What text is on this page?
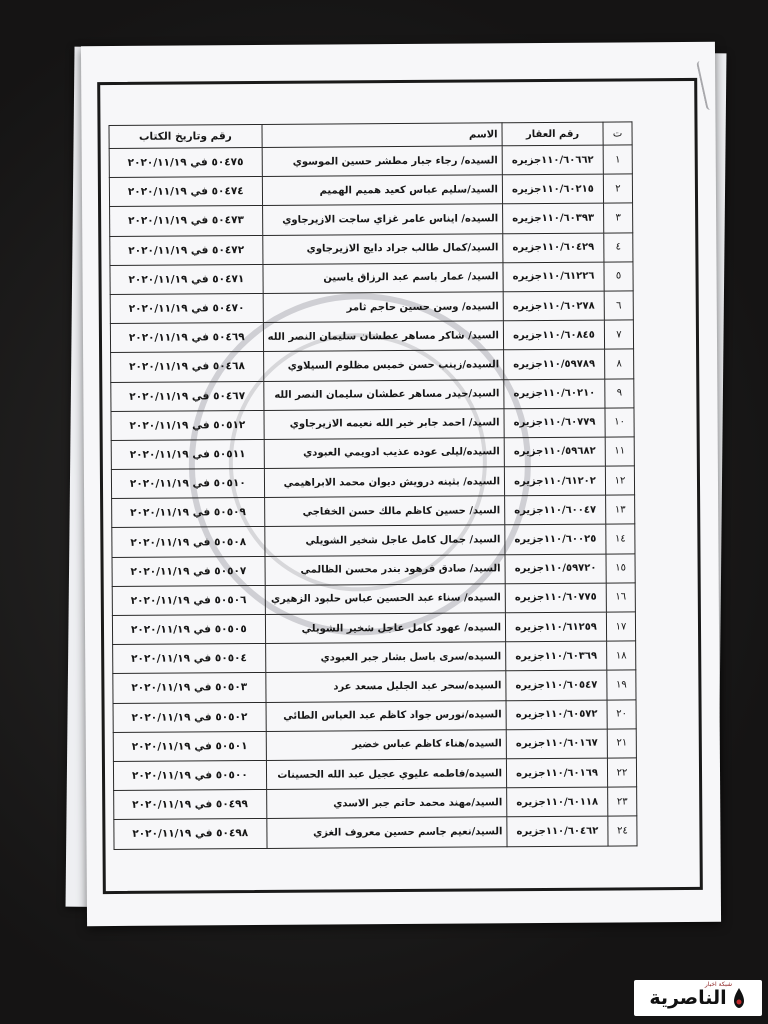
ت	رقم العقار	الاسم	رقم وتاريخ الكتاب
١	١١٠/٦٠٦٦٢جزيره	السيده/ رجاء جبار مطشر حسين الموسوي	٥٠٤٧٥ في ٢٠٢٠/١١/١٩
٢	١١٠/٦٠٢١٥جزيره	السيد/سليم عباس كعيد هميم الهميم	٥٠٤٧٤ في ٢٠٢٠/١١/١٩
٣	١١٠/٦٠٣٩٣جزيره	السيده/ ايناس عامر غزاي ساجت الازيرجاوي	٥٠٤٧٣ في ٢٠٢٠/١١/١٩
٤	١١٠/٦٠٤٢٩جزيره	السيد/كمال طالب جراد دايج الازيرجاوي	٥٠٤٧٢ في ٢٠٢٠/١١/١٩
٥	١١٠/٦١٢٢٦جزيره	السيد/ عمار باسم عبد الرزاق ياسين	٥٠٤٧١ في ٢٠٢٠/١١/١٩
٦	١١٠/٦٠٢٧٨جزيره	السيده/ وسن حسين حاجم ثامر	٥٠٤٧٠ في ٢٠٢٠/١١/١٩
٧	١١٠/٦٠٨٤٥جزيره	السيد/ شاكر مساهر عطشان سليمان النصر الله	٥٠٤٦٩ في ٢٠٢٠/١١/١٩
٨	١١٠/٥٩٧٨٩جزيره	السيده/زينب حسن خميس مظلوم السيلاوي	٥٠٤٦٨ في ٢٠٢٠/١١/١٩
٩	١١٠/٦٠٢١٠جزيره	السيد/حيدر مساهر عطشان سليمان النصر الله	٥٠٤٦٧ في ٢٠٢٠/١١/١٩
١٠	١١٠/٦٠٧٧٩جزيره	السيد/ احمد جابر خير الله نعيمه الازيرجاوي	٥٠٥١٢ في ٢٠٢٠/١١/١٩
١١	١١٠/٥٩٦٨٢جزيره	السيده/ليلى عوده عذيب ادويمي العبودي	٥٠٥١١ في ٢٠٢٠/١١/١٩
١٢	١١٠/٦١٢٠٢جزيره	السيده/ بثينه درويش ديوان محمد الابراهيمي	٥٠٥١٠ في ٢٠٢٠/١١/١٩
١٣	١١٠/٦٠٠٤٧جزيره	السيد/ حسين كاظم مالك حسن الخفاجي	٥٠٥٠٩ في ٢٠٢٠/١١/١٩
١٤	١١٠/٦٠٠٢٥جزيره	السيد/ جمال كامل عاجل شخير الشويلي	٥٠٥٠٨ في ٢٠٢٠/١١/١٩
١٥	١١٠/٥٩٧٢٠جزيره	السيد/ صادق فرهود بندر محسن الظالمي	٥٠٥٠٧ في ٢٠٢٠/١١/١٩
١٦	١١٠/٦٠٧٧٥جزيره	السيده/ سناء عبد الحسين عباس حلبود الزهيري	٥٠٥٠٦ في ٢٠٢٠/١١/١٩
١٧	١١٠/٦١٢٥٩جزيره	السيده/ عهود كامل عاجل شخير الشويلي	٥٠٥٠٥ في ٢٠٢٠/١١/١٩
١٨	١١٠/٦٠٣٦٩جزيره	السيده/سرى باسل بشار جبر العبودي	٥٠٥٠٤ في ٢٠٢٠/١١/١٩
١٩	١١٠/٦٠٥٤٧جزيره	السيده/سحر عبد الجليل مسعد عرد	٥٠٥٠٣ في ٢٠٢٠/١١/١٩
٢٠	١١٠/٦٠٥٧٢جزيره	السيده/نورس جواد كاظم عبد العباس الطائي	٥٠٥٠٢ في ٢٠٢٠/١١/١٩
٢١	١١٠/٦٠١٦٧جزيره	السيده/هناء كاظم عباس خضير	٥٠٥٠١ في ٢٠٢٠/١١/١٩
٢٢	١١٠/٦٠١٦٩جزيره	السيده/فاطمه عليوي عجيل عبد الله الحسينات	٥٠٥٠٠ في ٢٠٢٠/١١/١٩
٢٣	١١٠/٦٠١١٨جزيره	السيد/مهند محمد حاتم جبر الاسدي	٥٠٤٩٩ في ٢٠٢٠/١١/١٩
٢٤	١١٠/٦٠٤٦٢جزيره	السيد/نعيم جاسم حسين معروف الغزي	٥٠٤٩٨ في ٢٠٢٠/١١/١٩
شبكة اخبار
الناصرية
